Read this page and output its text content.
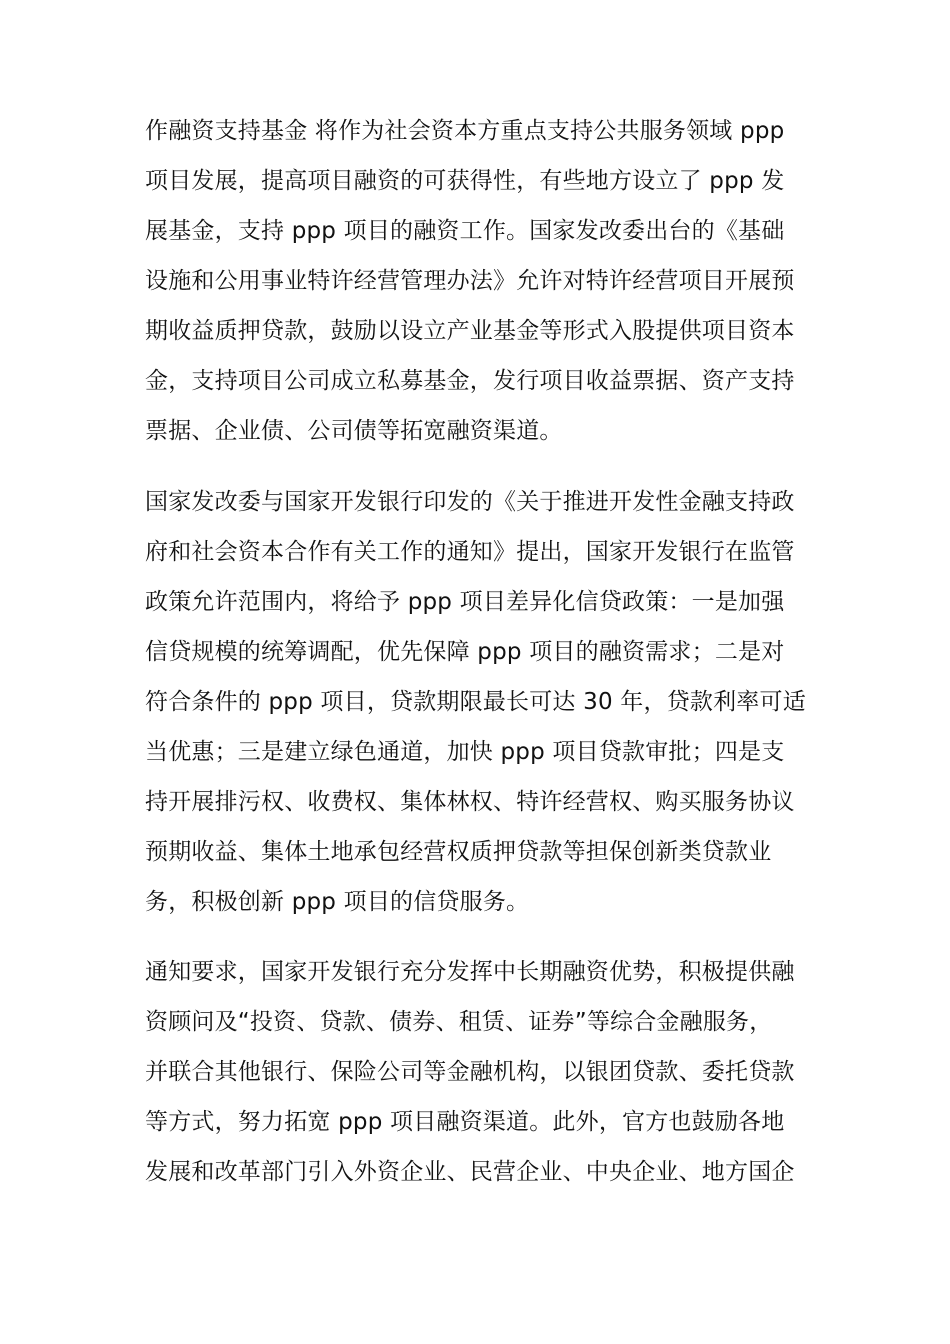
作融资支持基金 将作为社会资本方重点支持公共服务领域 ppp
项目发展，提高项目融资的可获得性，有些地方设立了 ppp 发
展基金，支持 ppp 项目的融资工作。国家发改委出台的《基础
设施和公用事业特许经营管理办法》允许对特许经营项目开展预
期收益质押贷款，鼓励以设立产业基金等形式入股提供项目资本
金，支持项目公司成立私募基金，发行项目收益票据、资产支持
票据、企业债、公司债等拓宽融资渠道。
国家发改委与国家开发银行印发的《关于推进开发性金融支持政
府和社会资本合作有关工作的通知》提出，国家开发银行在监管
政策允许范围内，将给予 ppp 项目差异化信贷政策：一是加强
信贷规模的统筹调配，优先保障 ppp 项目的融资需求；二是对
符合条件的 ppp 项目，贷款期限最长可达 30 年，贷款利率可适
当优惠；三是建立绿色通道，加快 ppp 项目贷款审批；四是支
持开展排污权、收费权、集体林权、特许经营权、购买服务协议
预期收益、集体土地承包经营权质押贷款等担保创新类贷款业
务，积极创新 ppp 项目的信贷服务。
通知要求，国家开发银行充分发挥中长期融资优势，积极提供融
资顾问及“投资、贷款、债券、租赁、证券”等综合金融服务，
并联合其他银行、保险公司等金融机构，以银团贷款、委托贷款
等方式，努力拓宽 ppp 项目融资渠道。此外，官方也鼓励各地
发展和改革部门引入外资企业、民营企业、中央企业、地方国企
